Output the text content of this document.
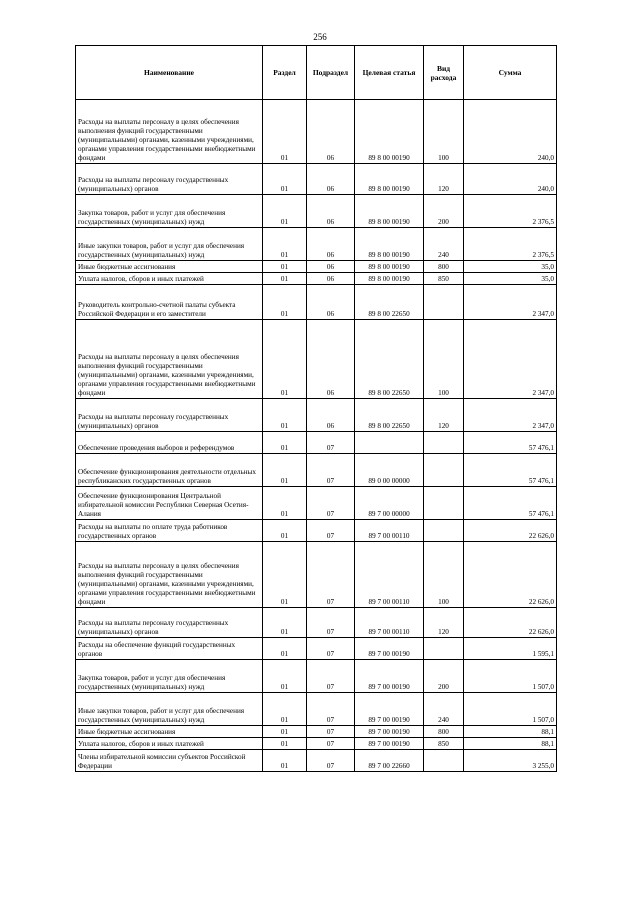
256
Наименование	Раздел	Подраздел	Целевая статья	Вид расхода	Сумма
Расходы на выплаты персоналу в целях обеспечения выполнения функций государственными (муниципальными) органами, казенными учреждениями, органами управления государственными внебюджетными фондами	01	06	89 8 00 00190	100	240,0
Расходы на выплаты персоналу государственных (муниципальных) органов	01	06	89 8 00 00190	120	240,0
Закупка товаров, работ и услуг для обеспечения государственных (муниципальных) нужд	01	06	89 8 00 00190	200	2 376,5
Иные закупки товаров, работ и услуг для обеспечения государственных (муниципальных) нужд	01	06	89 8 00 00190	240	2 376,5
Иные бюджетные ассигнования	01	06	89 8 00 00190	800	35,0
Уплата налогов, сборов и иных платежей	01	06	89 8 00 00190	850	35,0
Руководитель контрольно-счетной палаты субъекта Российской Федерации и его заместители	01	06	89 8 00 22650		2 347,0
Расходы на выплаты персоналу в целях обеспечения выполнения функций государственными (муниципальными) органами, казенными учреждениями, органами управления государственными внебюджетными фондами	01	06	89 8 00 22650	100	2 347,0
Расходы на выплаты персоналу государственных (муниципальных) органов	01	06	89 8 00 22650	120	2 347,0
Обеспечение проведения выборов и референдумов	01	07			57 476,1
Обеспечение функционирования деятельности отдельных республиканских государственных органов	01	07	89 0 00 00000		57 476,1
Обеспечение функционирования Центральной избирательной комиссии Республики Северная Осетия-Алания	01	07	89 7 00 00000		57 476,1
Расходы на выплаты по оплате труда работников государственных органов	01	07	89 7 00 00110		22 626,0
Расходы на выплаты персоналу в целях обеспечения выполнения функций государственными (муниципальными) органами, казенными учреждениями, органами управления государственными внебюджетными фондами	01	07	89 7 00 00110	100	22 626,0
Расходы на выплаты персоналу государственных (муниципальных) органов	01	07	89 7 00 00110	120	22 626,0
Расходы на обеспечение функций государственных органов	01	07	89 7 00 00190		1 595,1
Закупка товаров, работ и услуг для обеспечения государственных (муниципальных) нужд	01	07	89 7 00 00190	200	1 507,0
Иные закупки товаров, работ и услуг для обеспечения государственных (муниципальных) нужд	01	07	89 7 00 00190	240	1 507,0
Иные бюджетные ассигнования	01	07	89 7 00 00190	800	88,1
Уплата налогов, сборов и иных платежей	01	07	89 7 00 00190	850	88,1
Члены избирательной комиссии субъектов Российской Федерации	01	07	89 7 00 22660		3 255,0
